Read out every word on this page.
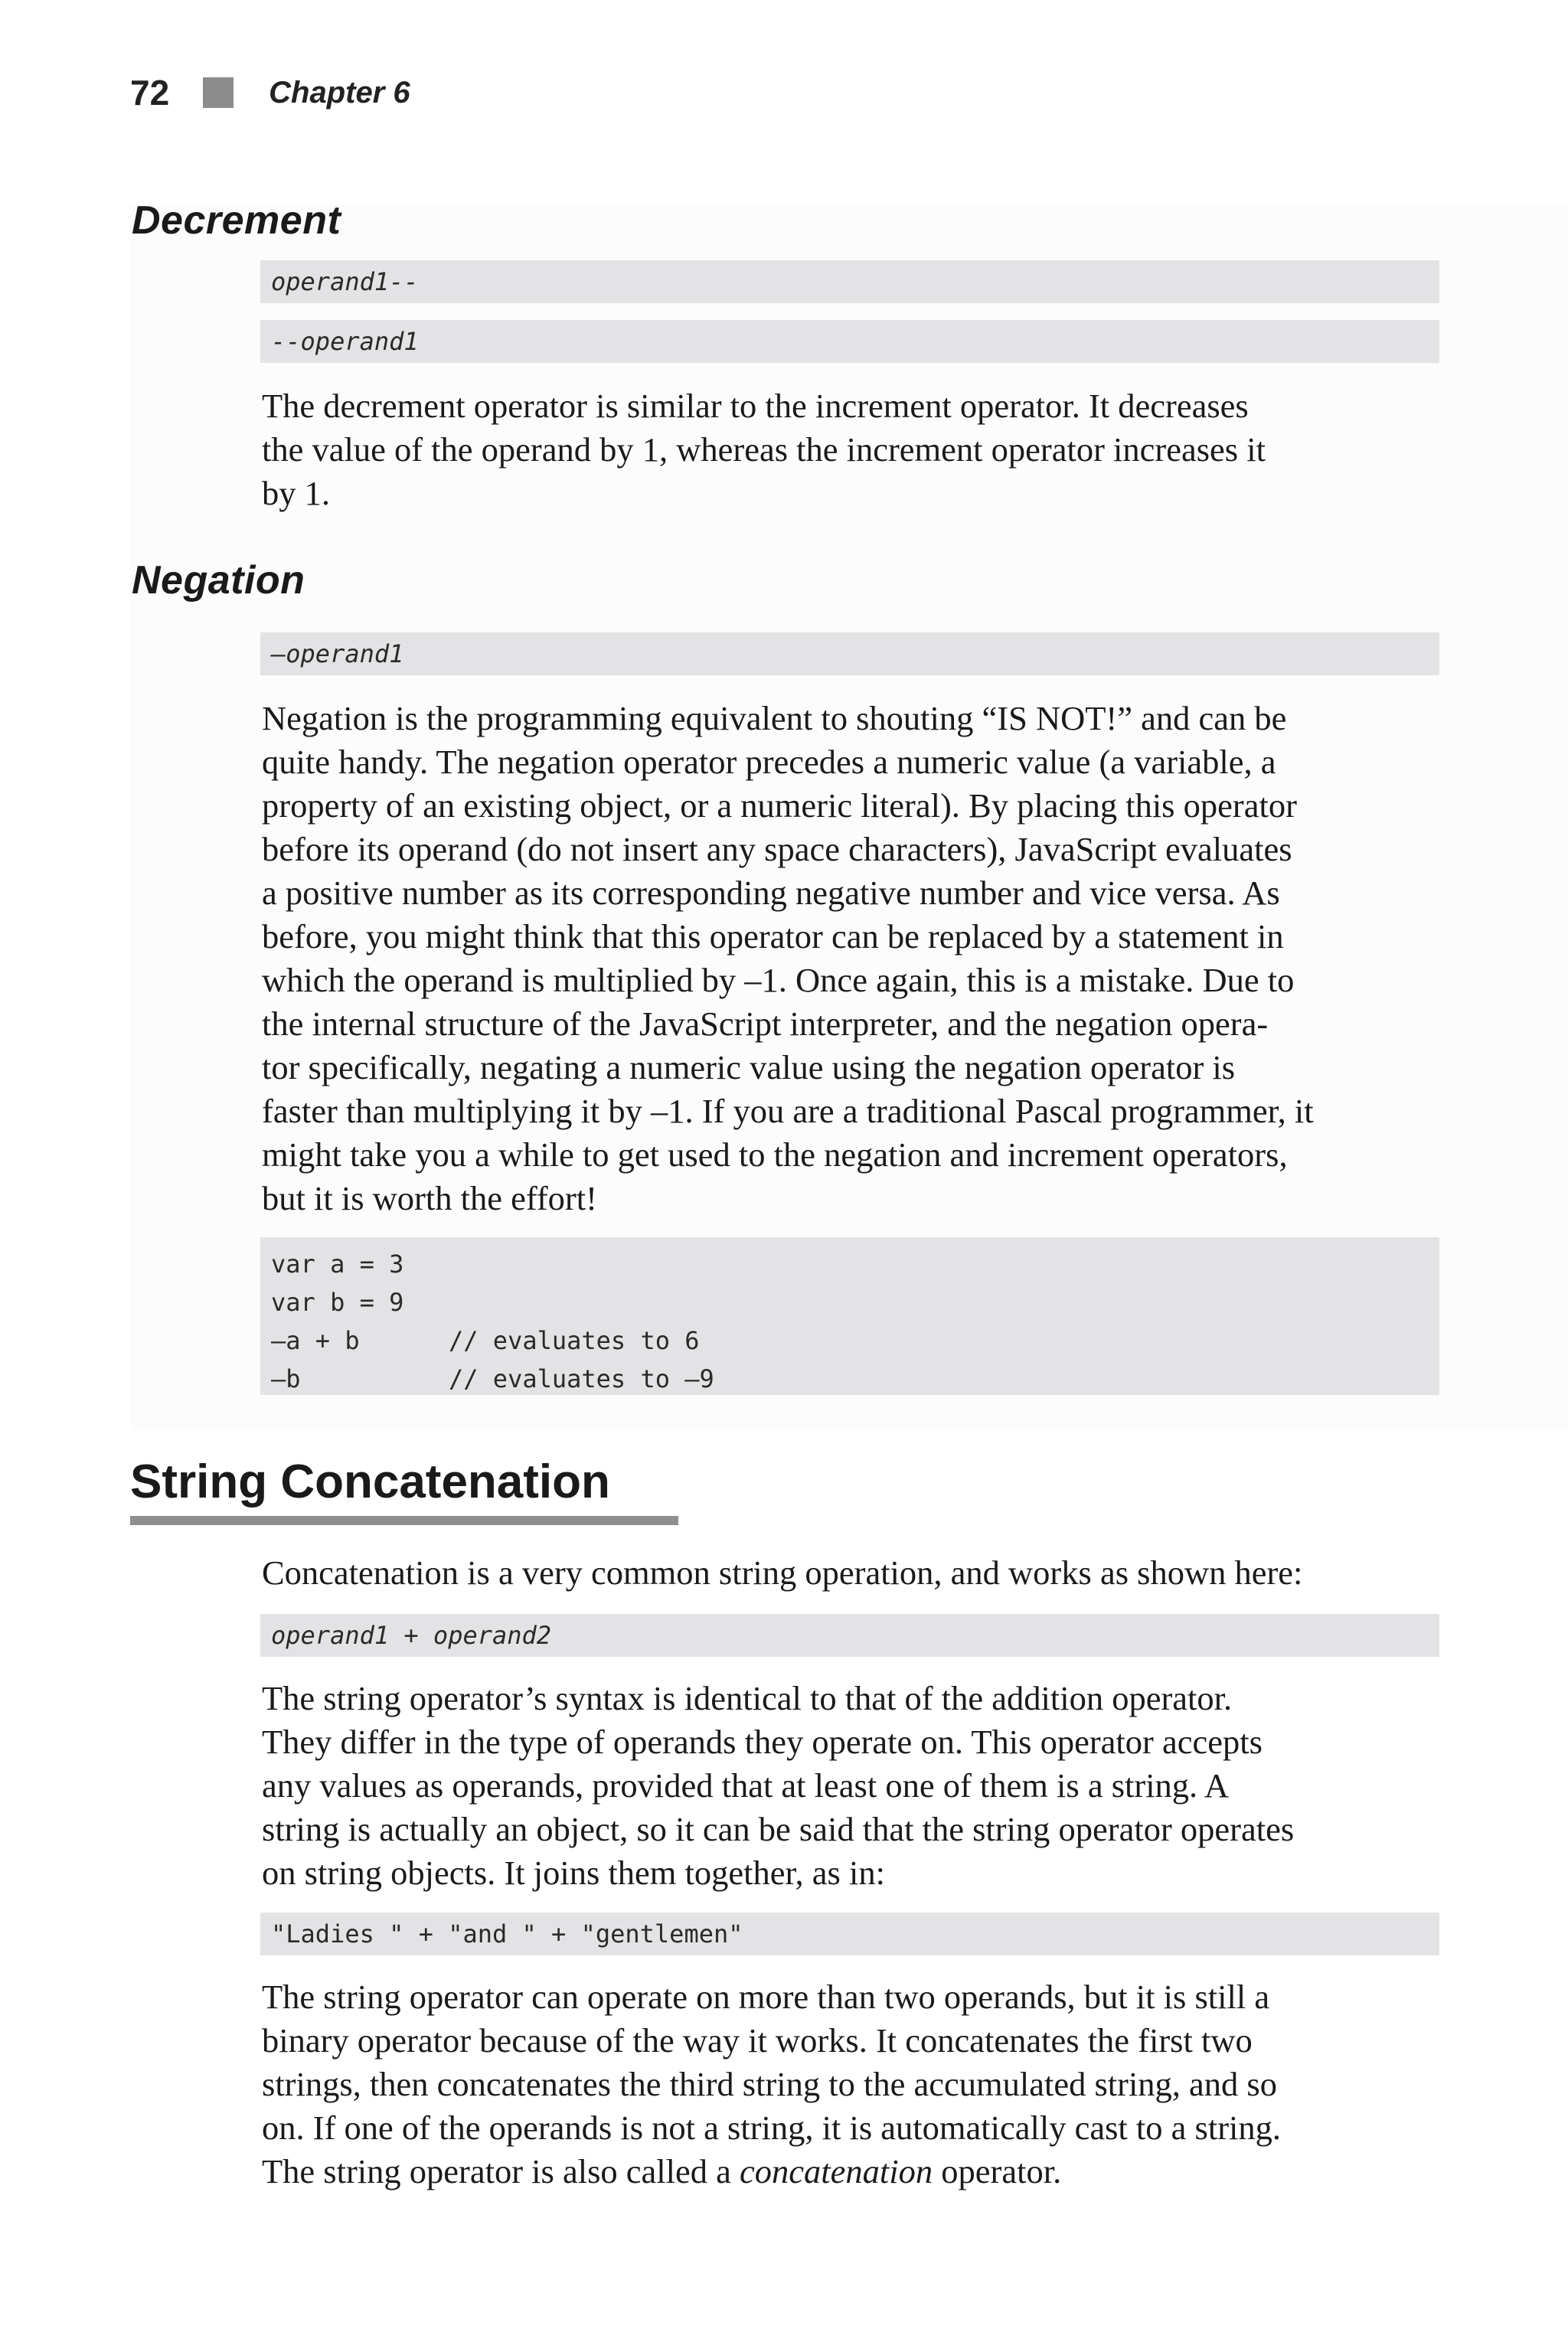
72	Chapter 6
Decrement
operand1--
--operand1
The decrement operator is similar to the increment operator. It decreases
the value of the operand by 1, whereas the increment operator increases it
by 1.
Negation
–operand1
Negation is the programming equivalent to shouting “IS NOT!” and can be
quite handy. The negation operator precedes a numeric value (a variable, a
property of an existing object, or a numeric literal). By placing this operator
before its operand (do not insert any space characters), JavaScript evaluates
a positive number as its corresponding negative number and vice versa. As
before, you might think that this operator can be replaced by a statement in
which the operand is multiplied by –1. Once again, this is a mistake. Due to
the internal structure of the JavaScript interpreter, and the negation opera-
tor specifically, negating a numeric value using the negation operator is
faster than multiplying it by –1. If you are a traditional Pascal programmer, it
might take you a while to get used to the negation and increment operators,
but it is worth the effort!
var a = 3
var b = 9
–a + b	// evaluates to 6
–b	// evaluates to –9
String Concatenation
Concatenation is a very common string operation, and works as shown here:
operand1 + operand2
The string operator’s syntax is identical to that of the addition operator.
They differ in the type of operands they operate on. This operator accepts
any values as operands, provided that at least one of them is a string. A
string is actually an object, so it can be said that the string operator operates
on string objects. It joins them together, as in:
"Ladies " + "and " + "gentlemen"
The string operator can operate on more than two operands, but it is still a
binary operator because of the way it works. It concatenates the first two
strings, then concatenates the third string to the accumulated string, and so
on. If one of the operands is not a string, it is automatically cast to a string.
The string operator is also called a concatenation operator.
